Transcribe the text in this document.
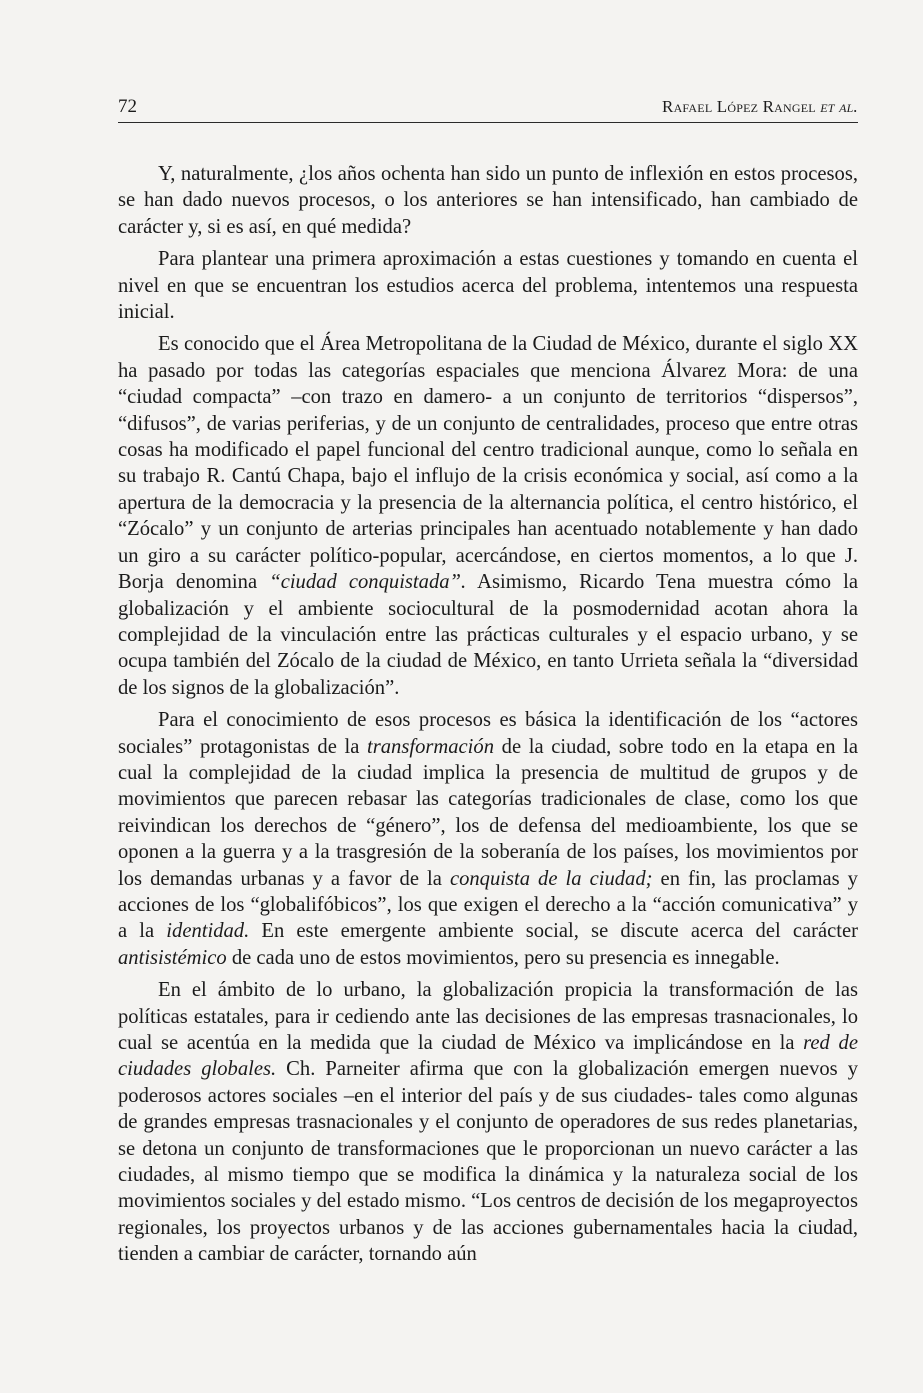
72	Rafael López Rangel et al.

Y, naturalmente, ¿los años ochenta han sido un punto de inflexión en estos procesos, se han dado nuevos procesos, o los anteriores se han intensificado, han cambiado de carácter y, si es así, en qué medida?

Para plantear una primera aproximación a estas cuestiones y tomando en cuenta el nivel en que se encuentran los estudios acerca del problema, intentemos una respuesta inicial.

Es conocido que el Área Metropolitana de la Ciudad de México, durante el siglo XX ha pasado por todas las categorías espaciales que menciona Álvarez Mora: de una “ciudad compacta” –con trazo en damero- a un conjunto de territorios “dispersos”, “difusos”, de varias periferias, y de un conjunto de centralidades, proceso que entre otras cosas ha modificado el papel funcional del centro tradicional aunque, como lo señala en su trabajo R. Cantú Chapa, bajo el influjo de la crisis económica y social, así como a la apertura de la democracia y la presencia de la alternancia política, el centro histórico, el “Zócalo” y un conjunto de arterias principales han acentuado notablemente y han dado un giro a su carácter político-popular, acercándose, en ciertos momentos, a lo que J. Borja denomina “ciudad conquistada”. Asimismo, Ricardo Tena muestra cómo la globalización y el ambiente sociocultural de la posmodernidad acotan ahora la complejidad de la vinculación entre las prácticas culturales y el espacio urbano, y se ocupa también del Zócalo de la ciudad de México, en tanto Urrieta señala la “diversidad de los signos de la globalización”.

Para el conocimiento de esos procesos es básica la identificación de los “actores sociales” protagonistas de la transformación de la ciudad, sobre todo en la etapa en la cual la complejidad de la ciudad implica la presencia de multitud de grupos y de movimientos que parecen rebasar las categorías tradicionales de clase, como los que reivindican los derechos de “género”, los de defensa del medioambiente, los que se oponen a la guerra y a la trasgresión de la soberanía de los países, los movimientos por los demandas urbanas y a favor de la conquista de la ciudad; en fin, las proclamas y acciones de los “globalifóbicos”, los que exigen el derecho a la “acción comunicativa” y a la identidad. En este emergente ambiente social, se discute acerca del carácter antisistémico de cada uno de estos movimientos, pero su presencia es innegable.

En el ámbito de lo urbano, la globalización propicia la transformación de las políticas estatales, para ir cediendo ante las decisiones de las empresas trasnacionales, lo cual se acentúa en la medida que la ciudad de México va implicándose en la red de ciudades globales. Ch. Parneiter afirma que con la globalización emergen nuevos y poderosos actores sociales –en el interior del país y de sus ciudades- tales como algunas de grandes empresas trasnacionales y el conjunto de operadores de sus redes planetarias, se detona un conjunto de transformaciones que le proporcionan un nuevo carácter a las ciudades, al mismo tiempo que se modifica la dinámica y la naturaleza social de los movimientos sociales y del estado mismo. “Los centros de decisión de los megaproyectos regionales, los proyectos urbanos y de las acciones gubernamentales hacia la ciudad, tienden a cambiar de carácter, tornando aún
